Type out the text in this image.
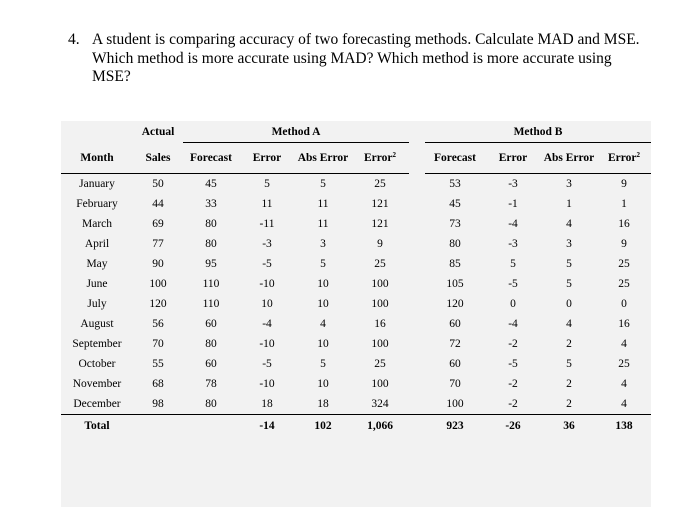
4. A student is comparing accuracy of two forecasting methods. Calculate MAD and MSE. Which method is more accurate using MAD? Which method is more accurate using MSE?
	Actual	Method A					Method B			
Month	Sales	Forecast	Error	Abs Error	Error$^2$		Forecast	Error	Abs Error	Error$^2$
January	50	45	5	5	25		53	-3	3	9
February	44	33	11	11	121		45	-1	1	1
March	69	80	-11	11	121		73	-4	4	16
April	77	80	-3	3	9		80	-3	3	9
May	90	95	-5	5	25		85	5	5	25
June	100	110	-10	10	100		105	-5	5	25
July	120	110	10	10	100		120	0	0	0
August	56	60	-4	4	16		60	-4	4	16
September	70	80	-10	10	100		72	-2	2	4
October	55	60	-5	5	25		60	-5	5	25
November	68	78	-10	10	100		70	-2	2	4
December	98	80	18	18	324		100	-2	2	4
Total			-14	102	1,066		923	-26	36	138
